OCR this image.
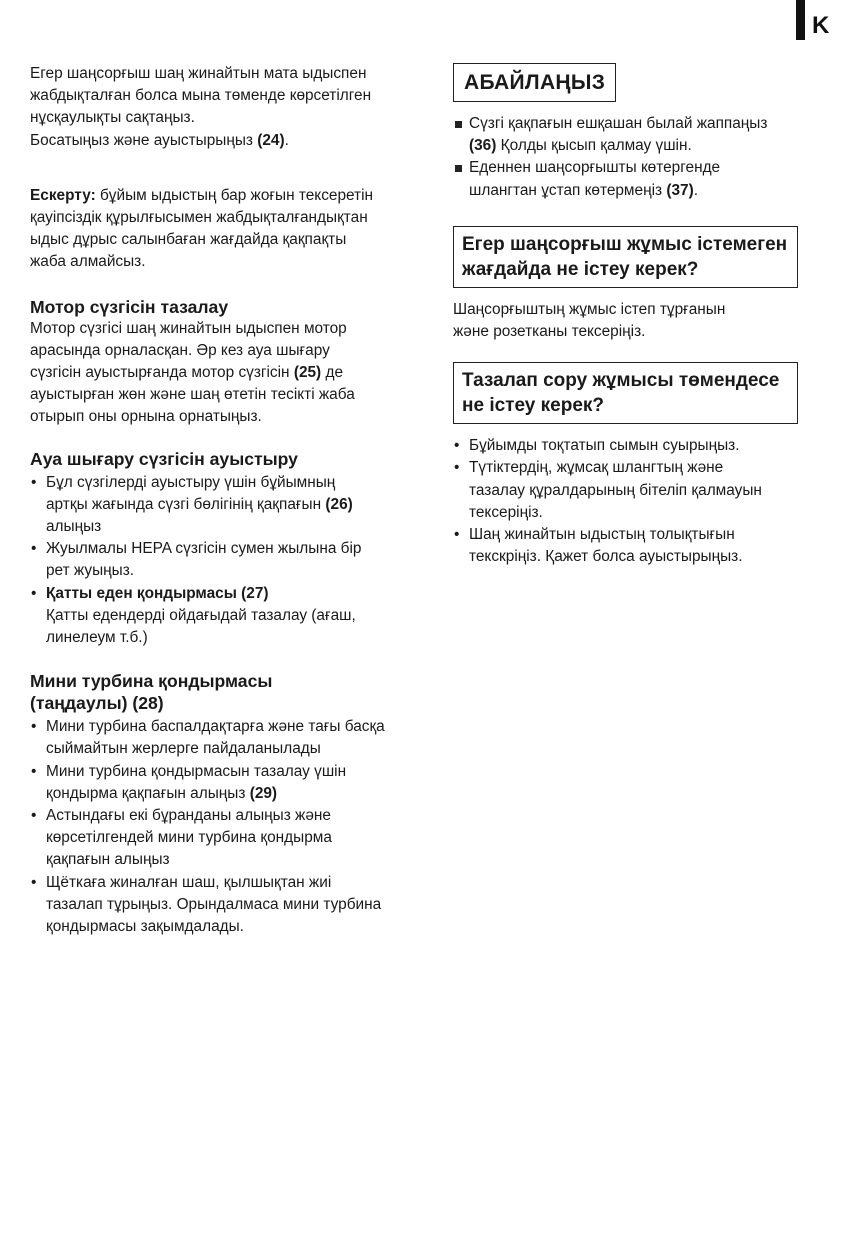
K

Егер шаңсорғыш шаң жинайтын мата ыдыспен
жабдықталған болса мына төменде көрсетілген
нұсқаулықты сақтаңыз.
Босатыңыз және ауыстырыңыз (24).

Ескерту: бұйым ыдыстың бар жоғын тексеретін
қауіпсіздік құрылғысымен жабдықталғандықтан
ыдыс дұрыс салынбаған жағдайда қақпақты
жаба алмайсыз.

Мотор сүзгісін тазалау

Мотор сүзгісі шаң жинайтын ыдыспен мотор
арасында орналасқан. Әр кез ауа шығару
сүзгісін ауыстырғанда мотор сүзгісін (25) де
ауыстырған жөн және шаң өтетін тесікті жаба
отырып оны орнына орнатыңыз.

Ауа шығару сүзгісін ауыстыру
• Бұл сүзгілерді ауыстыру үшін бұйымның
артқы жағында сүзгі бөлігінің қақпағын (26)
алыңыз
• Жуылмалы HEPA сүзгісін сумен жылына бір
рет жуыңыз.
• Қатты еден қондырмасы (27)
Қатты едендерді ойдағыдай тазалау (ағаш,
линелеум т.б.)
Мини турбина қондырмасы
(таңдаулы) (28)
• Мини турбина баспалдақтарға және тағы басқа
сыймайтын жерлерге пайдаланылады
• Мини турбина қондырмасын тазалау үшін
қондырма қақпағын алыңыз (29)
• Астындағы екі бұранданы алыңыз және
көрсетілгендей мини турбина қондырма
қақпағын алыңыз
• Щёткаға жиналған шаш, қылшықтан жиі
тазалап тұрыңыз. Орындалмаса мини турбина
қондырмасы зақымдалады.
АБАЙЛАҢЫЗ
Сүзгі қақпағын ешқашан былай жаппаңыз
(36) Қолды қысып қалмау үшін.
Еденнен шаңсорғышты көтергенде
шлангтан ұстап көтермеңіз (37).
Егер шаңсорғыш жұмыс істемеген
жағдайда не істеу керек?

Шаңсорғыштың жұмыс істеп тұрғанын
және розетканы тексеріңіз.

Тазалап сору жұмысы төмендесе
не істеу керек?
• Бұйымды тоқтатып сымын суырыңыз.
• Түтіктердің, жұмсақ шлангтың және
тазалау құралдарының бітеліп қалмауын
тексеріңіз.
• Шаң жинайтын ыдыстың толықтығын
текскріңіз. Қажет болса ауыстырыңыз.
